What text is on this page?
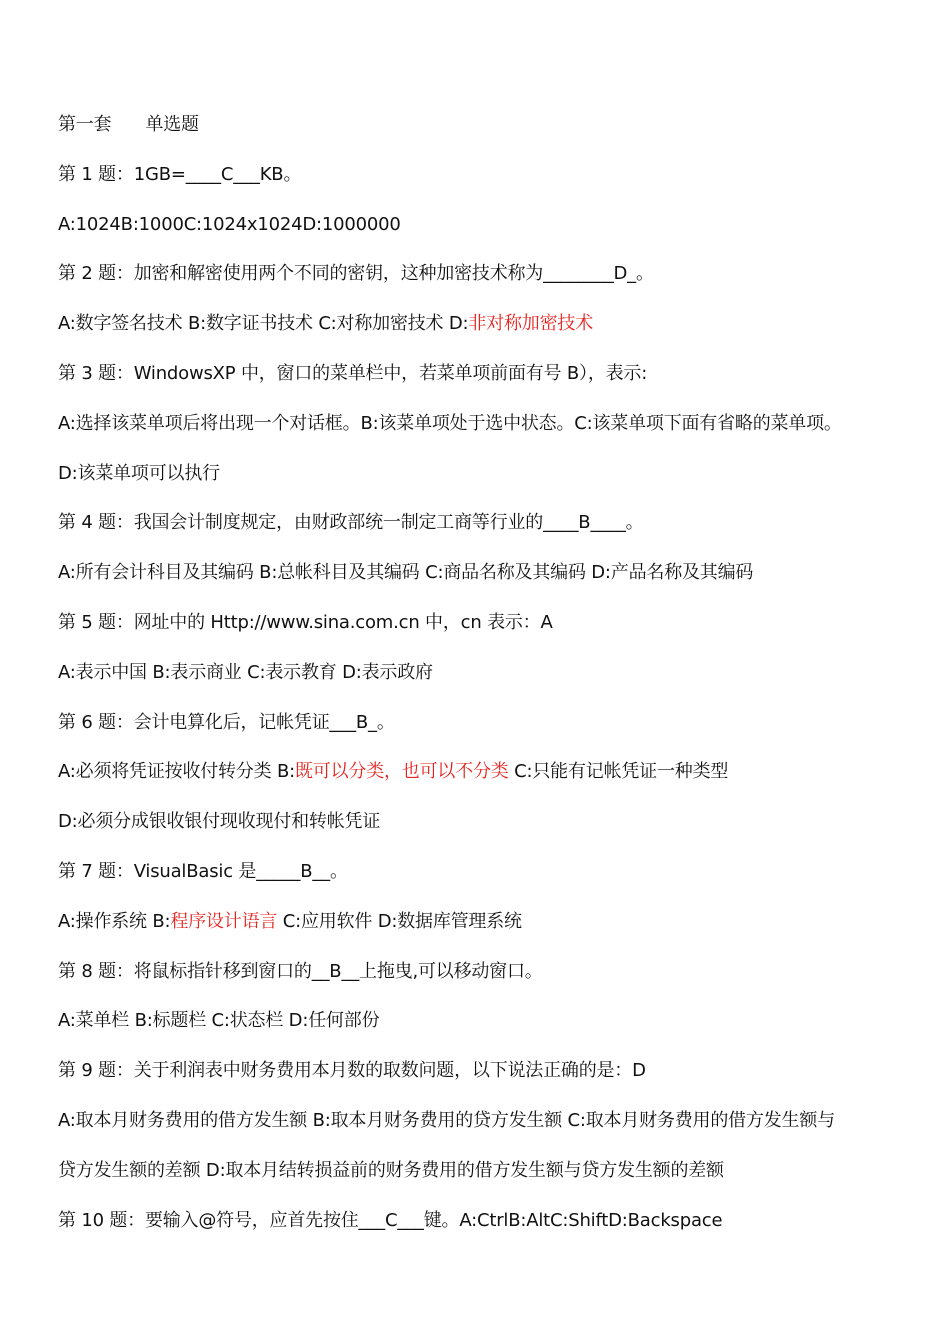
第一套 单选题
第 1 题：1GB=____C___KB。
A:1024B:1000C:1024x1024D:1000000
第 2 题：加密和解密使用两个不同的密钥，这种加密技术称为________D_。
A:数字签名技术 B:数字证书技术 C:对称加密技术 D:非对称加密技术
第 3 题：WindowsXP 中，窗口的菜单栏中，若菜单项前面有号 B），表示:
A:选择该菜单项后将出现一个对话框。B:该菜单项处于选中状态。C:该菜单项下面有省略的菜单项。
D:该菜单项可以执行
第 4 题：我国会计制度规定，由财政部统一制定工商等行业的____B____。
A:所有会计科目及其编码 B:总帐科目及其编码 C:商品名称及其编码 D:产品名称及其编码
第 5 题：网址中的 Http://www.sina.com.cn 中，cn 表示：A
A:表示中国 B:表示商业 C:表示教育 D:表示政府
第 6 题：会计电算化后，记帐凭证___B_。
A:必须将凭证按收付转分类 B:既可以分类，也可以不分类 C:只能有记帐凭证一种类型
D:必须分成银收银付现收现付和转帐凭证
第 7 题：VisualBasic 是_____B__。
A:操作系统 B:程序设计语言 C:应用软件 D:数据库管理系统
第 8 题：将鼠标指针移到窗口的__B__上拖曳,可以移动窗口。
A:菜单栏 B:标题栏 C:状态栏 D:任何部份
第 9 题：关于利润表中财务费用本月数的取数问题，以下说法正确的是：D
A:取本月财务费用的借方发生额 B:取本月财务费用的贷方发生额 C:取本月财务费用的借方发生额与
贷方发生额的差额 D:取本月结转损益前的财务费用的借方发生额与贷方发生额的差额
第 10 题：要输入@符号，应首先按住___C___键。A:CtrlB:AltC:ShiftD:Backspace
